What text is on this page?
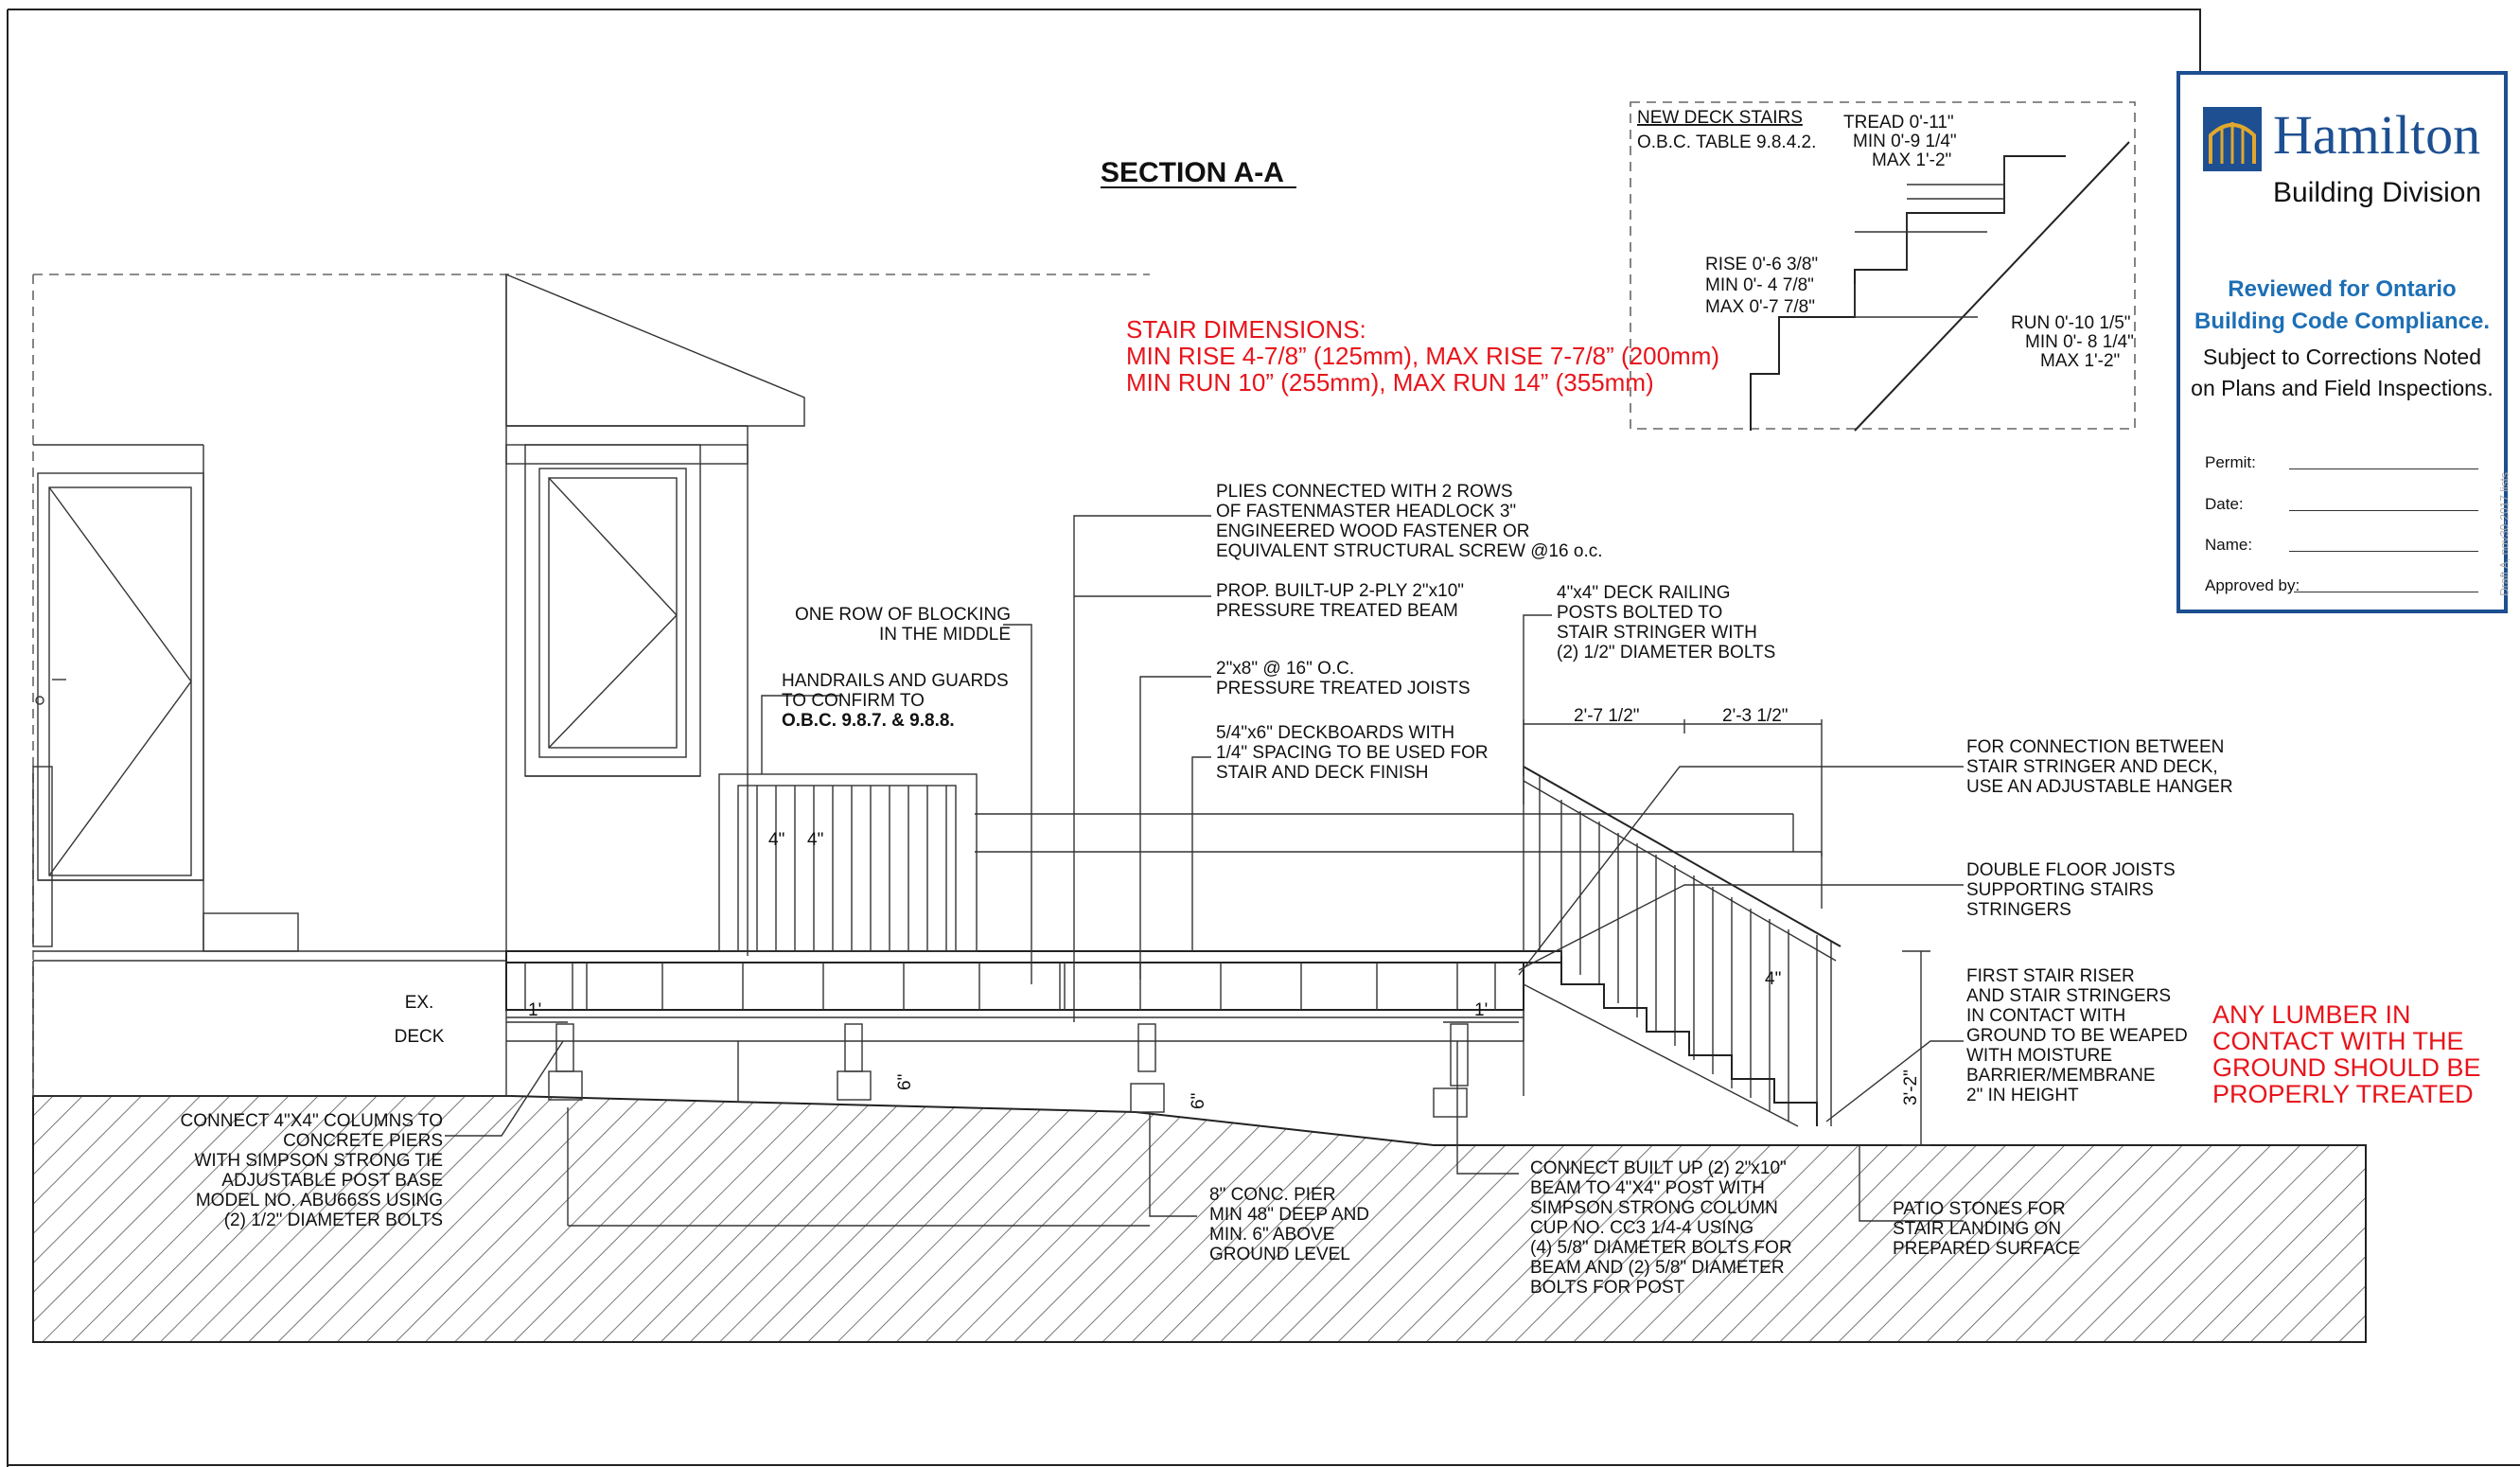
SECTION A-A
STAIR DIMENSIONS:
MIN RISE 4-7/8” (125mm), MAX RISE 7-7/8” (200mm)
MIN RUN 10” (255mm), MAX RUN 14” (355mm)
NEW DECK STAIRS
O.B.C. TABLE 9.8.4.2.
TREAD 0'-11"
MIN 0'-9 1/4"
MAX 1'-2"
RISE 0'-6 3/8"
MIN 0'- 4 7/8"
MAX 0'-7 7/8"
RUN 0'-10 1/5"
MIN 0'- 8 1/4"
MAX 1'-2"
PLIES CONNECTED WITH 2 ROWS
OF FASTENMASTER HEADLOCK 3"
ENGINEERED WOOD FASTENER OR
EQUIVALENT STRUCTURAL SCREW @16 o.c.
PROP. BUILT-UP 2-PLY 2"x10"
PRESSURE TREATED BEAM
ONE ROW OF BLOCKING
IN THE MIDDLE
HANDRAILS AND GUARDS
TO CONFIRM TO
O.B.C. 9.8.7. & 9.8.8.
2"x8" @ 16" O.C.
PRESSURE TREATED JOISTS
5/4"x6" DECKBOARDS WITH
1/4" SPACING TO BE USED FOR
STAIR AND DECK FINISH
4"x4" DECK RAILING
POSTS BOLTED TO
STAIR STRINGER WITH
(2) 1/2" DIAMETER BOLTS
FOR CONNECTION BETWEEN
STAIR STRINGER AND DECK,
USE AN ADJUSTABLE HANGER
DOUBLE FLOOR JOISTS
SUPPORTING STAIRS
STRINGERS
FIRST STAIR RISER
AND STAIR STRINGERS
IN CONTACT WITH
GROUND TO BE WEAPED
WITH MOISTURE
BARRIER/MEMBRANE
2" IN HEIGHT
ANY LUMBER IN
CONTACT WITH THE
GROUND SHOULD BE
PROPERLY TREATED
CONNECT 4"X4" COLUMNS TO
CONCRETE PIERS
WITH SIMPSON STRONG TIE
ADJUSTABLE POST BASE
MODEL NO. ABU66SS USING
(2) 1/2" DIAMETER BOLTS
8" CONC. PIER
MIN 48" DEEP AND
MIN. 6" ABOVE
GROUND LEVEL
CONNECT BUILT UP (2) 2"x10"
BEAM TO 4"X4" POST WITH
SIMPSON STRONG COLUMN
CUP NO. CC3 1/4-4 USING
(4) 5/8" DIAMETER BOLTS FOR
BEAM AND (2) 5/8" DIAMETER
BOLTS FOR POST
PATIO STONES FOR
STAIR LANDING ON
PREPARED SURFACE
EX.
DECK
2'-7 1/2"	2'-3 1/2"
1'	1'
4" 4"
4"
6"
6"	3'-2"
Hamilton
Building Division
Reviewed for Ontario
Building Code Compliance.
Subject to Corrections Noted
on Plans and Field Inspections.
Permit:
Date:
Name:
Approved by:	Draft A, nov30-2017 lists
